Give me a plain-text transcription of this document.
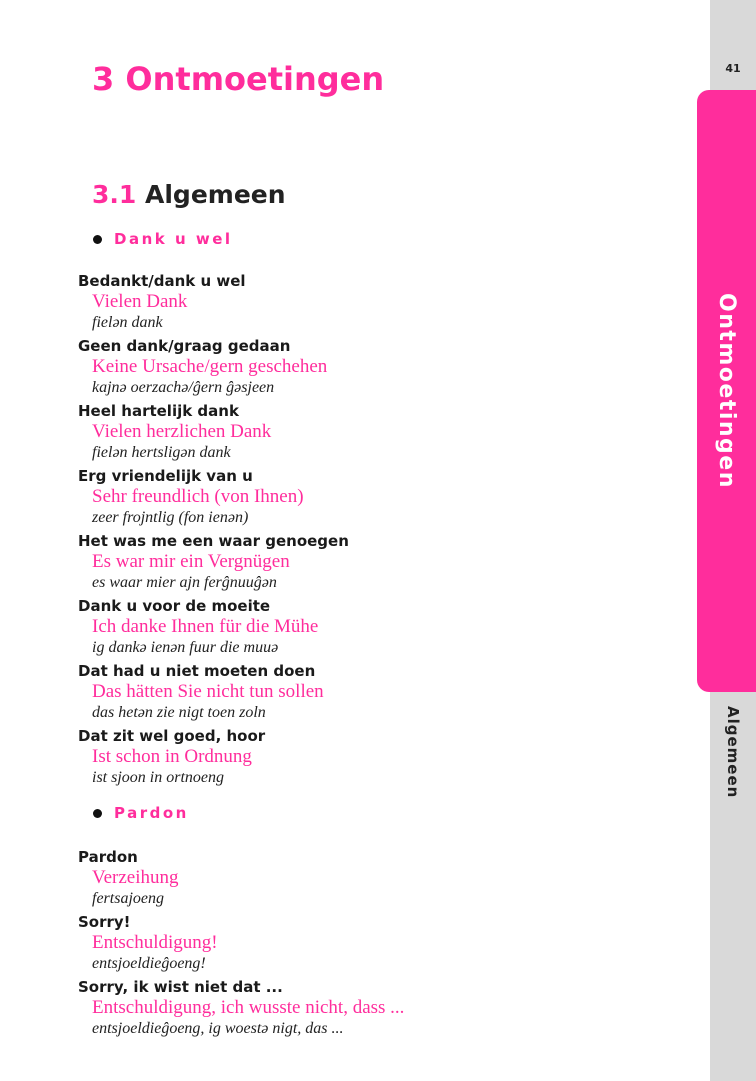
3 Ontmoetingen
3.1 Algemeen
Dank u wel

Bedankt/dank u wel

Vielen Dank

fielən dank

Geen dank/graag gedaan

Keine Ursache/gern geschehen

kajnə oerzachə/ĝern ĝəsjeen

Heel hartelijk dank

Vielen herzlichen Dank

fielən hertsligən dank

Erg vriendelijk van u

Sehr freundlich (von Ihnen)

zeer frojntlig (fon ienən)

Het was me een waar genoegen

Es war mir ein Vergnügen

es waar mier ajn ferĝnuuĝən

Dank u voor de moeite

Ich danke Ihnen für die Mühe

ig dankə ienən fuur die muuə

Dat had u niet moeten doen

Das hätten Sie nicht tun sollen

das hetən zie nigt toen zoln

Dat zit wel goed, hoor

Ist schon in Ordnung

ist sjoon in ortnoeng

Pardon

Pardon

Verzeihung

fertsajoeng

Sorry!

Entschuldigung!

entsjoeldieĝoeng!

Sorry, ik wist niet dat ...

Entschuldigung, ich wusste nicht, dass ...

entsjoeldieĝoeng, ig woestə nigt, das ...

41
Ontmoetingen
Algemeen
